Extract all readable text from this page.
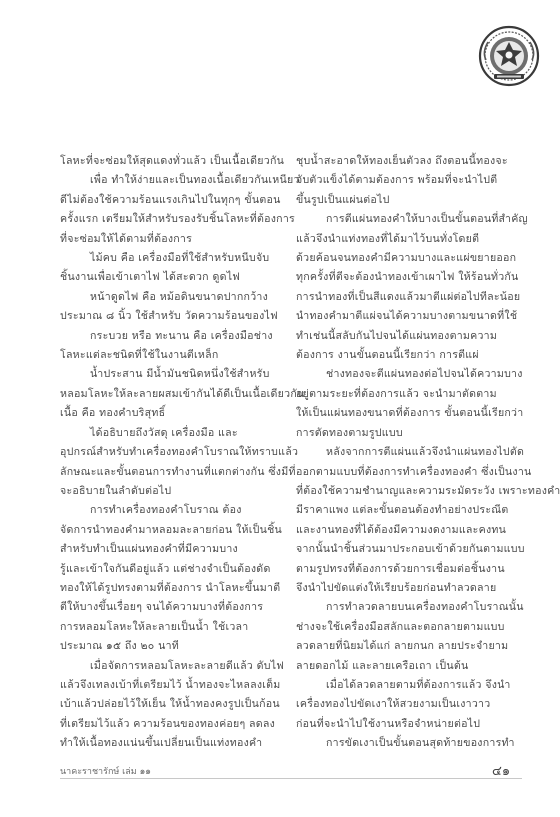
โลหะที่จะซ่อมให้สุดแดงทั่วแล้ว เป็นเนื้อเดียวกัน

เพื่อ ทำให้ง่ายและเป็นทองเนื้อเดียวกันเหนียว

ดีไม่ต้องใช้ความร้อนแรงเกินไปในทุกๆ ขั้นตอน

ครั้งแรก เตรียมให้สำหรับรองรับชิ้นโลหะที่ต้องการ

ที่จะซ่อมให้ได้ตามที่ต้องการ

ไม้คบ คือ เครื่องมือที่ใช้สำหรับหนีบจับ

ชิ้นงานเพื่อเข้าเตาไฟ ได้สะดวก ดูดไฟ

หน้าดูดไฟ คือ หม้อดินขนาดปากกว้าง

ประมาณ ๘ นิ้ว ใช้สำหรับ วัดความร้อนของไฟ

กระบวย หรือ ทะนาน คือ เครื่องมือช่าง

โลหะแต่ละชนิดที่ใช้ในงานตีเหล็ก

น้ำประสาน มีน้ำมันชนิดหนึ่งใช้สำหรับ

หลอมโลหะให้ละลายผสมเข้ากันได้ดีเป็นเนื้อเดียวกัน

เนื้อ คือ ทองคำบริสุทธิ์

ได้อธิบายถึงวัสดุ เครื่องมือ และ

อุปกรณ์สำหรับทำเครื่องทองคำโบราณให้ทราบแล้ว

ลักษณะและขั้นตอนการทำงานที่แตกต่างกัน ซึ่งมีที่

จะอธิบายในลำดับต่อไป

การทำเครื่องทองคำโบราณ ต้อง

จัดการนำทองคำมาหลอมละลายก่อน ให้เป็นชิ้น

สำหรับทำเป็นแผ่นทองคำที่มีความบาง

รู้และเข้าใจกันดีอยู่แล้ว แต่ช่างจำเป็นต้องดัด

ทองให้ได้รูปทรงตามที่ต้องการ นำโลหะขึ้นมาตี

ตีให้บางขึ้นเรื่อยๆ จนได้ความบางที่ต้องการ

การหลอมโลหะให้ละลายเป็นน้ำ ใช้เวลา

ประมาณ ๑๕ ถึง ๒๐ นาที

เมื่อจัดการหลอมโลหะละลายดีแล้ว ดับไฟ

แล้วจึงเทลงเบ้าที่เตรียมไว้ น้ำทองจะไหลลงเต็ม

เบ้าแล้วปล่อยไว้ให้เย็น ให้น้ำทองคงรูปเป็นก้อน

ที่เตรียมไว้แล้ว ความร้อนของทองค่อยๆ ลดลง

ทำให้เนื้อทองแน่นขึ้นเปลี่ยนเป็นแท่งทองคำ

ชุบน้ำสะอาดให้ทองเย็นตัวลง ถึงตอนนี้ทองจะ

จับตัวแข็งได้ตามต้องการ พร้อมที่จะนำไปตี

ขึ้นรูปเป็นแผ่นต่อไป

การตีแผ่นทองคำให้บางเป็นขั้นตอนที่สำคัญ

แล้วจึงนำแท่งทองที่ได้มาไว้บนทั่งโดยตี

ด้วยค้อนจนทองคำมีความบางและแผ่ขยายออก

ทุกครั้งที่ตีจะต้องนำทองเข้าเผาไฟ ให้ร้อนทั่วกัน

การนำทองที่เป็นสีแดงแล้วมาตีแผ่ต่อไปทีละน้อย

นำทองคำมาตีแผ่จนได้ความบางตามขนาดที่ใช้

ทำเช่นนี้สลับกันไปจนได้แผ่นทองตามความ

ต้องการ งานขั้นตอนนี้เรียกว่า การตีแผ่

ช่างทองจะตีแผ่นทองต่อไปจนได้ความบาง

อยู่ตามระยะที่ต้องการแล้ว จะนำมาตัดตาม

ให้เป็นแผ่นทองขนาดที่ต้องการ ขั้นตอนนี้เรียกว่า

การตัดทองตามรูปแบบ

หลังจากการตีแผ่นแล้วจึงนำแผ่นทองไปตัด

ออกตามแบบที่ต้องการทำเครื่องทองคำ ซึ่งเป็นงาน

ที่ต้องใช้ความชำนาญและความระมัดระวัง เพราะทองคำ

มีราคาแพง แต่ละขั้นตอนต้องทำอย่างประณีต

และงานทองที่ได้ต้องมีความงดงามและคงทน

จากนั้นนำชิ้นส่วนมาประกอบเข้าด้วยกันตามแบบ

ตามรูปทรงที่ต้องการด้วยการเชื่อมต่อชิ้นงาน

จึงนำไปขัดแต่งให้เรียบร้อยก่อนทำลวดลาย

การทำลวดลายบนเครื่องทองคำโบราณนั้น

ช่างจะใช้เครื่องมือสลักและตอกลายตามแบบ

ลวดลายที่นิยมได้แก่ ลายกนก ลายประจำยาม

ลายดอกไม้ และลายเครือเถา เป็นต้น

เมื่อได้ลวดลายตามที่ต้องการแล้ว จึงนำ

เครื่องทองไปขัดเงาให้สวยงามเป็นเงาวาว

ก่อนที่จะนำไปใช้งานหรือจำหน่ายต่อไป

การขัดเงาเป็นขั้นตอนสุดท้ายของการทำ

นาคะราชารักษ์ เล่ม ๑๑	๔๑
